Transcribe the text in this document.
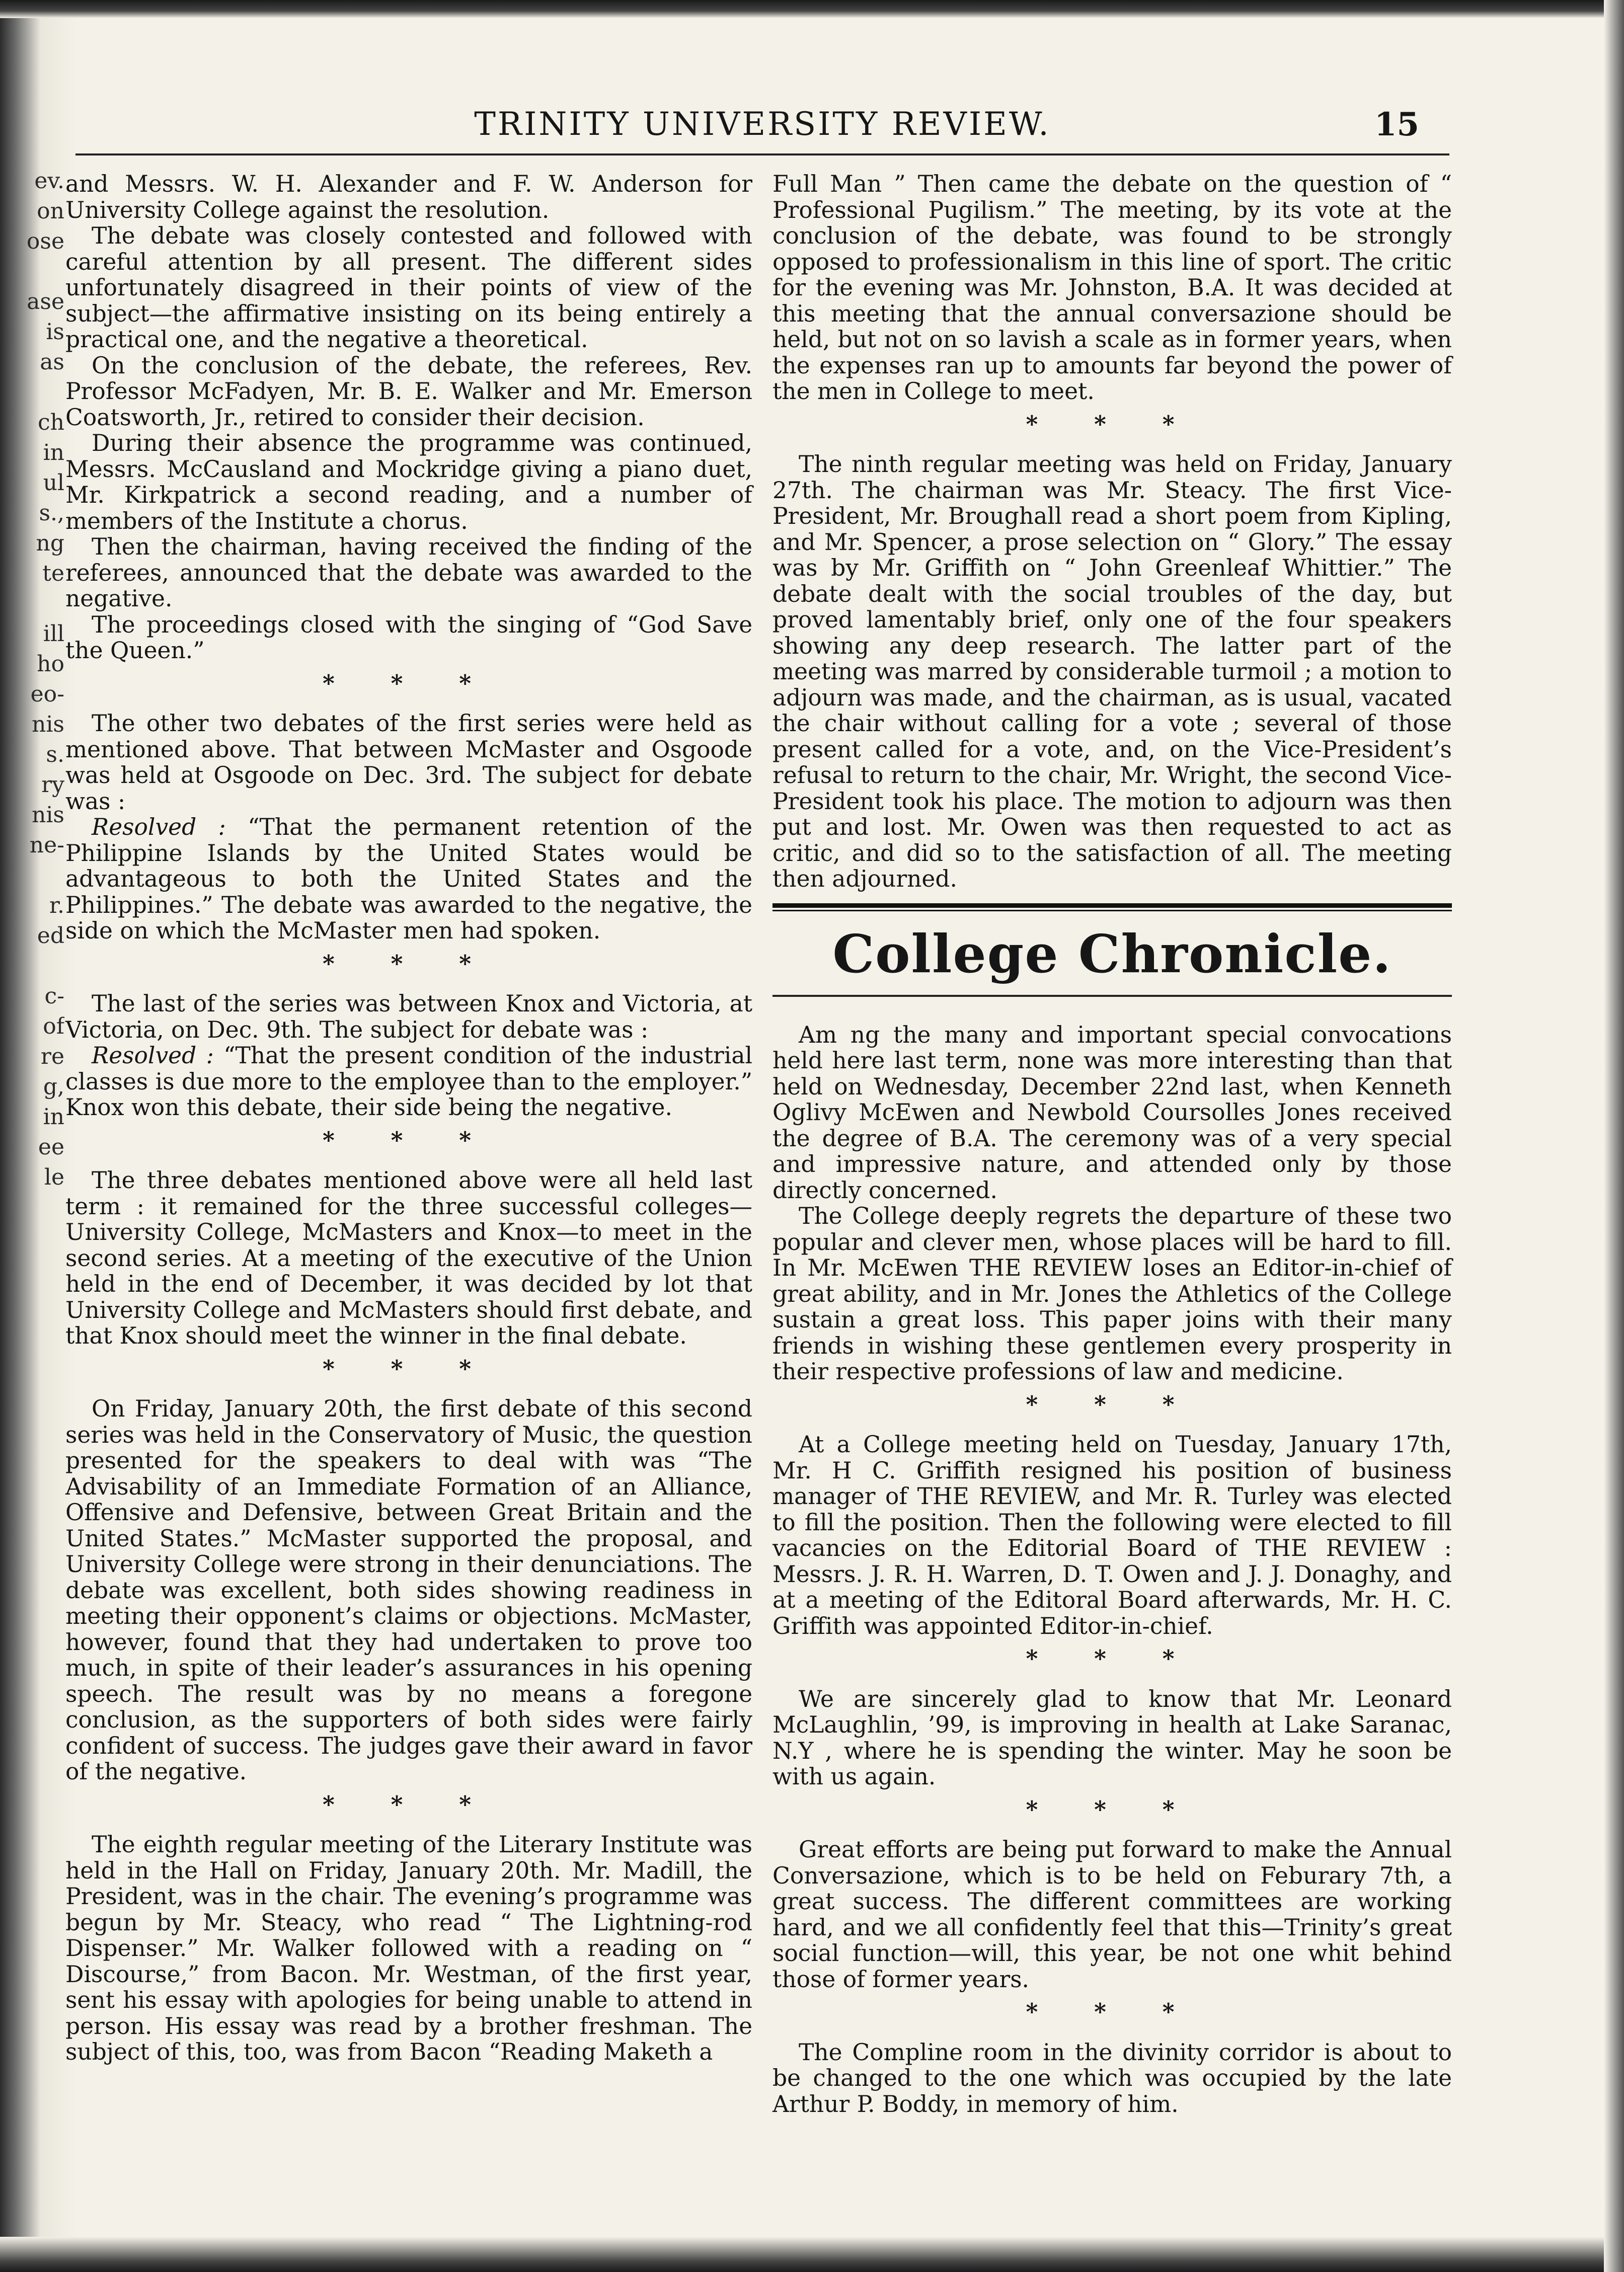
ev.
on
ose
ase
is
as
ch
in
ul
s.,
ng
te
ill
ho
eo-
nis
s.
ry
nis
ne-
r.
ed
c-
of
re
g,
in
ee
le
TRINITY UNIVERSITY REVIEW.	15

and Messrs. W. H. Alexander and F. W. Anderson for University College against the resolution.

The debate was closely contested and followed with careful attention by all present. The different sides unfortunately disagreed in their points of view of the subject—the affirmative insisting on its being entirely a practical one, and the negative a theoretical.

On the conclusion of the debate, the referees, Rev. Professor McFadyen, Mr. B. E. Walker and Mr. Emerson Coatsworth, Jr., retired to consider their decision.

During their absence the programme was continued, Messrs. McCausland and Mockridge giving a piano duet, Mr. Kirkpatrick a second reading, and a number of members of the Institute a chorus.

Then the chairman, having received the finding of the referees, announced that the debate was awarded to the negative.

The proceedings closed with the singing of “God Save the Queen.”

* * *

The other two debates of the first series were held as mentioned above. That between McMaster and Osgoode was held at Osgoode on Dec. 3rd. The subject for debate was :

Resolved : “That the permanent retention of the Philippine Islands by the United States would be advantageous to both the United States and the Philippines.” The debate was awarded to the negative, the side on which the McMaster men had spoken.

* * *

The last of the series was between Knox and Victoria, at Victoria, on Dec. 9th. The subject for debate was :

Resolved : “That the present condition of the industrial classes is due more to the employee than to the employer.” Knox won this debate, their side being the negative.

* * *

The three debates mentioned above were all held last term : it remained for the three successful colleges—University College, McMasters and Knox—to meet in the second series. At a meeting of the executive of the Union held in the end of December, it was decided by lot that University College and McMasters should first debate, and that Knox should meet the winner in the final debate.

* * *

On Friday, January 20th, the first debate of this second series was held in the Conservatory of Music, the question presented for the speakers to deal with was “The Advisability of an Immediate Formation of an Alliance, Offensive and Defensive, between Great Britain and the United States.” McMaster supported the proposal, and University College were strong in their denunciations. The debate was excellent, both sides showing readiness in meeting their opponent’s claims or objections. McMaster, however, found that they had undertaken to prove too much, in spite of their leader’s assurances in his opening speech. The result was by no means a foregone conclusion, as the supporters of both sides were fairly confident of success. The judges gave their award in favor of the negative.

* * *

The eighth regular meeting of the Literary Institute was held in the Hall on Friday, January 20th. Mr. Madill, the President, was in the chair. The evening’s programme was begun by Mr. Steacy, who read “ The Lightning-rod Dispenser.” Mr. Walker followed with a reading on “ Discourse,” from Bacon. Mr. Westman, of the first year, sent his essay with apologies for being unable to attend in person. His essay was read by a brother freshman. The subject of this, too, was from Bacon “Reading Maketh a

Full Man ” Then came the debate on the question of “ Professional Pugilism.” The meeting, by its vote at the conclusion of the debate, was found to be strongly opposed to professionalism in this line of sport. The critic for the evening was Mr. Johnston, B.A. It was decided at this meeting that the annual conversazione should be held, but not on so lavish a scale as in former years, when the expenses ran up to amounts far beyond the power of the men in College to meet.

* * *

The ninth regular meeting was held on Friday, January 27th. The chairman was Mr. Steacy. The first Vice-President, Mr. Broughall read a short poem from Kipling, and Mr. Spencer, a prose selection on “ Glory.” The essay was by Mr. Griffith on “ John Greenleaf Whittier.” The debate dealt with the social troubles of the day, but proved lamentably brief, only one of the four speakers showing any deep research. The latter part of the meeting was marred by considerable turmoil ; a motion to adjourn was made, and the chairman, as is usual, vacated the chair without calling for a vote ; several of those present called for a vote, and, on the Vice-President’s refusal to return to the chair, Mr. Wright, the second Vice-President took his place. The motion to adjourn was then put and lost. Mr. Owen was then requested to act as critic, and did so to the satisfaction of all. The meeting then adjourned.

College Chronicle.

Am ng the many and important special convocations held here last term, none was more interesting than that held on Wednesday, December 22nd last, when Kenneth Oglivy McEwen and Newbold Coursolles Jones received the degree of B.A. The ceremony was of a very special and impressive nature, and attended only by those directly concerned.

The College deeply regrets the departure of these two popular and clever men, whose places will be hard to fill. In Mr. McEwen THE REVIEW loses an Editor-in-chief of great ability, and in Mr. Jones the Athletics of the College sustain a great loss. This paper joins with their many friends in wishing these gentlemen every prosperity in their respective professions of law and medicine.

* * *

At a College meeting held on Tuesday, January 17th, Mr. H C. Griffith resigned his position of business manager of THE REVIEW, and Mr. R. Turley was elected to fill the position. Then the following were elected to fill vacancies on the Editorial Board of THE REVIEW : Messrs. J. R. H. Warren, D. T. Owen and J. J. Donaghy, and at a meeting of the Editoral Board afterwards, Mr. H. C. Griffith was appointed Editor-in-chief.

* * *

We are sincerely glad to know that Mr. Leonard McLaughlin, ’99, is improving in health at Lake Saranac, N.Y , where he is spending the winter. May he soon be with us again.

* * *

Great efforts are being put forward to make the Annual Conversazione, which is to be held on Feburary 7th, a great success. The different committees are working hard, and we all confidently feel that this—Trinity’s great social function—will, this year, be not one whit behind those of former years.

* * *

The Compline room in the divinity corridor is about to be changed to the one which was occupied by the late Arthur P. Boddy, in memory of him.
